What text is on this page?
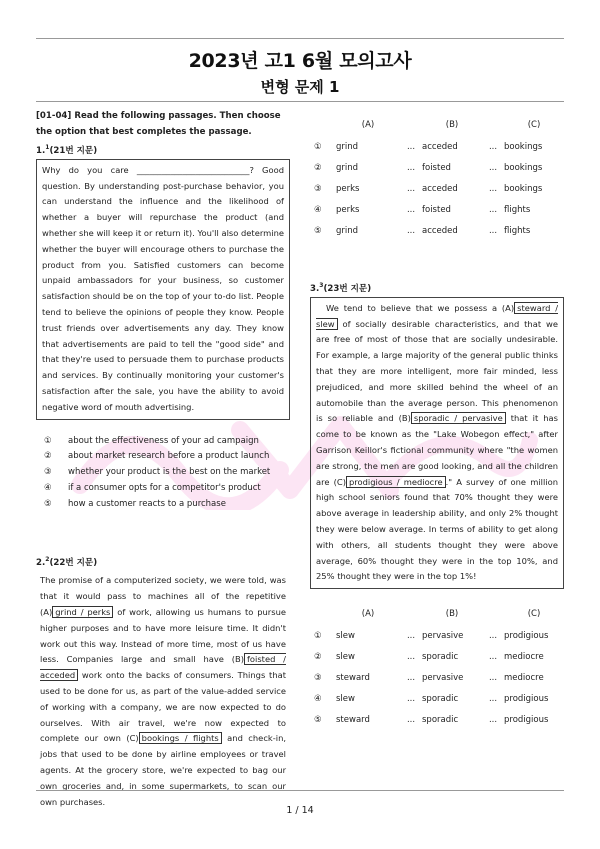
2023년 고1 6월 모의고사
변형 문제 1
[01-04] Read the following passages. Then choose the option that best completes the passage.
1.$^1$(21번 지문)
Why do you care ___________________________? Good question. By understanding post-purchase behavior, you can understand the influence and the likelihood of whether a buyer will repurchase the product (and whether she will keep it or return it). You'll also determine whether the buyer will encourage others to purchase the product from you. Satisfied customers can become unpaid ambassadors for your business, so customer satisfaction should be on the top of your to-do list. People tend to believe the opinions of people they know. People trust friends over advertisements any day. They know that advertisements are paid to tell the "good side" and that they're used to persuade them to purchase products and services. By continually monitoring your customer's satisfaction after the sale, you have the ability to avoid negative word of mouth advertising.
①	about the effectiveness of your ad campaign
②	about market research before a product launch
③	whether your product is the best on the market
④	if a consumer opts for a competitor's product
⑤	how a customer reacts to a purchase
2.$^2$(22번 지문)
The promise of a computerized society, we were told, was that it would pass to machines all of the repetitive (A) grind / perks of work, allowing us humans to pursue higher purposes and to have more leisure time. It didn't work out this way. Instead of more time, most of us have less. Companies large and small have (B) foisted / acceded work onto the backs of consumers. Things that used to be done for us, as part of the value-added service of working with a company, we are now expected to do ourselves. With air travel, we're now expected to complete our own (C) bookings / flights and check-in, jobs that used to be done by airline employees or travel agents. At the grocery store, we're expected to bag our own groceries and, in some supermarkets, to scan our own purchases.
(A)	(B)	(C)
①	grind	... acceded	... bookings
②	grind	... foisted	... bookings
③	perks	... acceded	... bookings
④	perks	... foisted	... flights
⑤	grind	... acceded	... flights
3.$^3$(23번 지문)
We tend to believe that we possess a (A) steward / slew of socially desirable characteristics, and that we are free of most of those that are socially undesirable. For example, a large majority of the general public thinks that they are more intelligent, more fair minded, less prejudiced, and more skilled behind the wheel of an automobile than the average person. This phenomenon is so reliable and (B) sporadic / pervasive that it has come to be known as the "Lake Wobegon effect," after Garrison Keillor's fictional community where "the women are strong, the men are good looking, and all the children are (C) prodigious / mediocre ." A survey of one million high school seniors found that 70% thought they were above average in leadership ability, and only 2% thought they were below average. In terms of ability to get along with others, all students thought they were above average, 60% thought they were in the top 10%, and 25% thought they were in the top 1%!
(A)	(B)	(C)
①	slew	... pervasive	... prodigious
②	slew	... sporadic	... mediocre
③	steward	... pervasive	... mediocre
④	slew	... sporadic	... prodigious
⑤	steward	... sporadic	... prodigious
1 / 14
